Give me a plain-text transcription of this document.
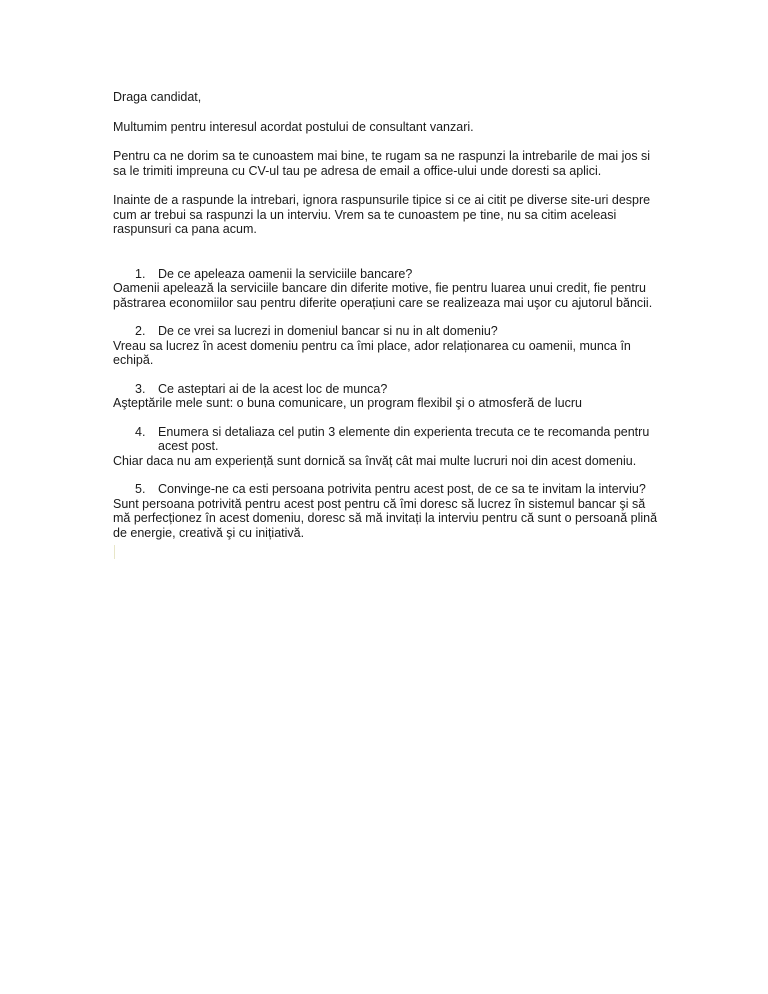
Draga candidat,

Multumim pentru interesul acordat postului de consultant vanzari.

Pentru ca ne dorim sa te cunoastem mai bine, te rugam sa ne raspunzi la intrebarile de mai jos si sa le trimiti impreuna cu CV-ul tau pe adresa de email a office-ului unde doresti sa aplici.

Inainte de a raspunde la intrebari, ignora raspunsurile tipice si ce ai citit pe diverse site-uri despre cum ar trebui sa raspunzi la un interviu. Vrem sa te cunoastem pe tine, nu sa citim aceleasi raspunsuri ca pana acum.

1.	De ce apeleaza oamenii la serviciile bancare?

Oamenii apelează la serviciile bancare din diferite motive, fie pentru luarea unui credit, fie pentru păstrarea economiilor sau pentru diferite operațiuni care se realizeaza mai uşor cu ajutorul băncii.

2.	De ce vrei sa lucrezi in domeniul bancar si nu in alt domeniu?

Vreau sa lucrez în acest domeniu pentru ca îmi place, ador relaționarea cu oamenii, munca în echipă.

3.	Ce asteptari ai de la acest loc de munca?

Aşteptările mele sunt: o buna comunicare, un program flexibil şi o atmosferă de lucru

4.	Enumera si detaliaza cel putin 3 elemente din experienta trecuta ce te recomanda pentru acest post.

Chiar daca nu am experiență sunt dornică sa învăț cât mai multe lucruri noi din acest domeniu.

5.	Convinge-ne ca esti persoana potrivita pentru acest post, de ce sa te invitam la interviu?

Sunt persoana potrivită pentru acest post pentru că îmi doresc să lucrez în sistemul bancar şi să mă perfecționez în acest domeniu, doresc să mă invitați la interviu pentru că sunt o persoană plină de energie, creativă şi cu inițiativă.
